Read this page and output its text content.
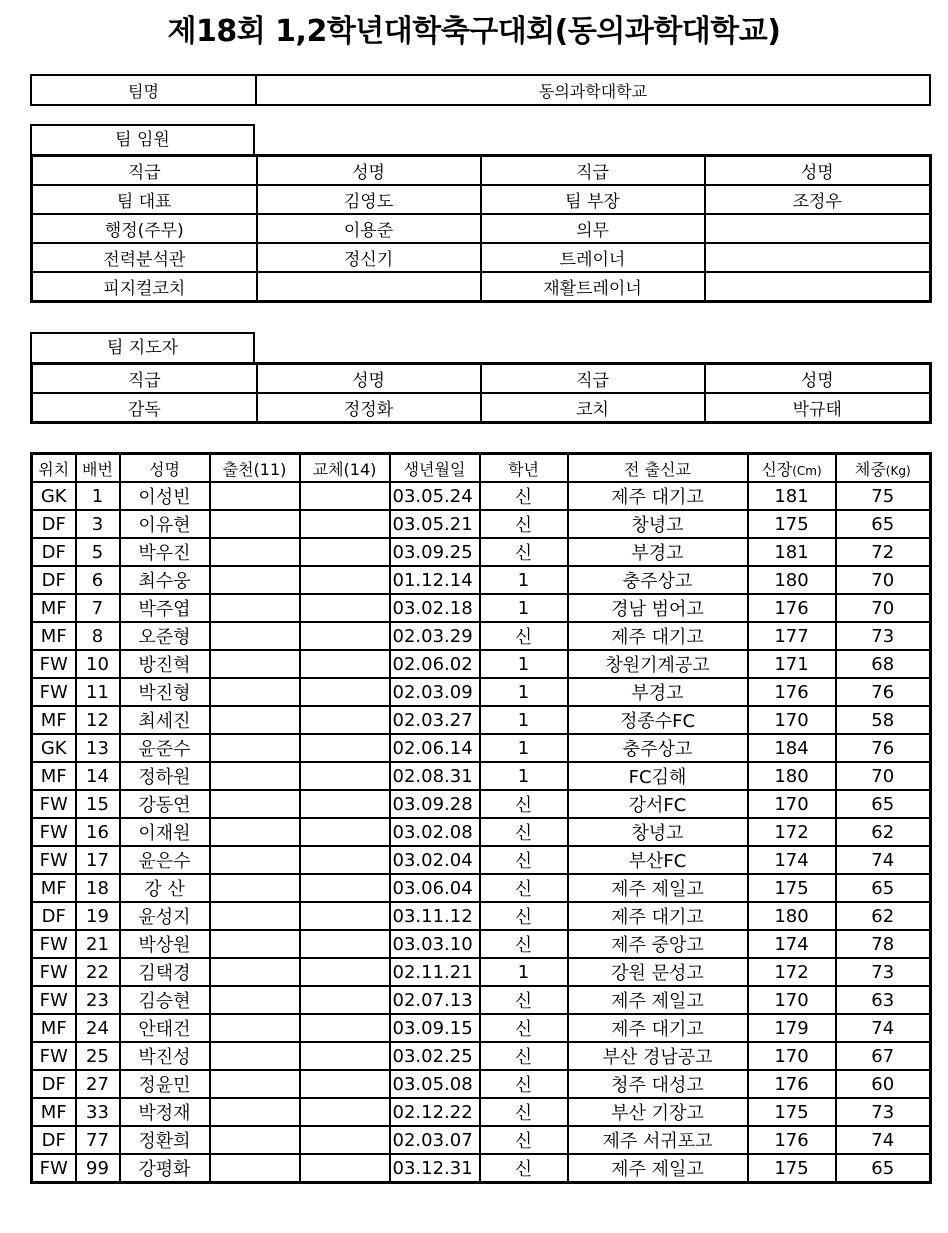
제18회 1,2학년대학축구대회(동의과학대학교)
팀명	동의과학대학교
팀 임원
직급	성명	직급	성명
팀 대표	김영도	팀 부장	조정우
행정(주무)	이용준	의무	
전력분석관	정신기	트레이너	
피지컬코치		재활트레이너	
팀 지도자
직급	성명	직급	성명
감독	정정화	코치	박규태
위치	배번	성명	출천(11)	교체(14)	생년월일	학년	전 출신교	신장(Cm)	체중(Kg)
GK	1	이성빈			03.05.24	신	제주 대기고	181	75
DF	3	이유현			03.05.21	신	창녕고	175	65
DF	5	박우진			03.09.25	신	부경고	181	72
DF	6	최수웅			01.12.14	1	충주상고	180	70
MF	7	박주엽			03.02.18	1	경남 범어고	176	70
MF	8	오준형			02.03.29	신	제주 대기고	177	73
FW	10	방진혁			02.06.02	1	창원기계공고	171	68
FW	11	박진형			02.03.09	1	부경고	176	76
MF	12	최세진			02.03.27	1	정종수FC	170	58
GK	13	윤준수			02.06.14	1	충주상고	184	76
MF	14	정하원			02.08.31	1	FC김해	180	70
FW	15	강동연			03.09.28	신	강서FC	170	65
FW	16	이재원			03.02.08	신	창녕고	172	62
FW	17	윤은수			03.02.04	신	부산FC	174	74
MF	18	강 산			03.06.04	신	제주 제일고	175	65
DF	19	윤성지			03.11.12	신	제주 대기고	180	62
FW	21	박상원			03.03.10	신	제주 중앙고	174	78
FW	22	김택경			02.11.21	1	강원 문성고	172	73
FW	23	김승현			02.07.13	신	제주 제일고	170	63
MF	24	안태건			03.09.15	신	제주 대기고	179	74
FW	25	박진성			03.02.25	신	부산 경남공고	170	67
DF	27	정윤민			03.05.08	신	청주 대성고	176	60
MF	33	박정재			02.12.22	신	부산 기장고	175	73
DF	77	정환희			02.03.07	신	제주 서귀포고	176	74
FW	99	강평화			03.12.31	신	제주 제일고	175	65
